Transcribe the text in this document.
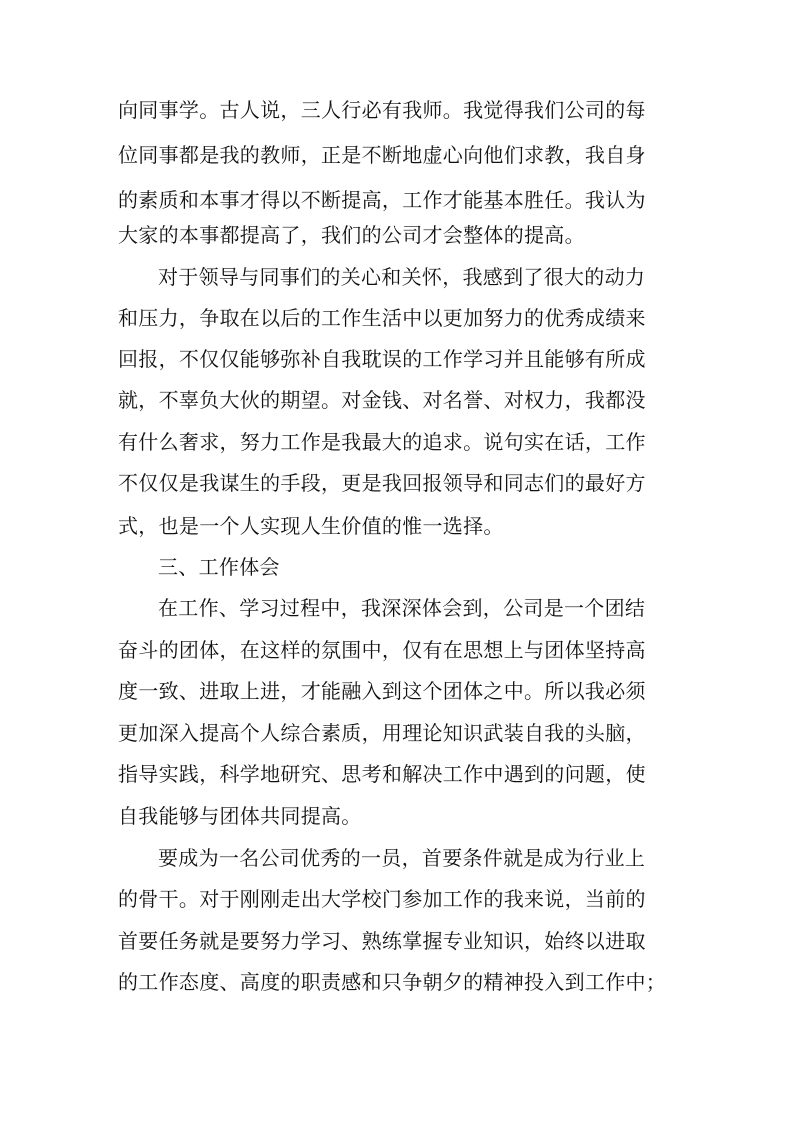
向同事学。古人说，三人行必有我师。我觉得我们公司的每
位同事都是我的教师，正是不断地虚心向他们求教，我自身
的素质和本事才得以不断提高，工作才能基本胜任。我认为
大家的本事都提高了，我们的公司才会整体的提高。
对于领导与同事们的关心和关怀，我感到了很大的动力
和压力，争取在以后的工作生活中以更加努力的优秀成绩来
回报，不仅仅能够弥补自我耽误的工作学习并且能够有所成
就，不辜负大伙的期望。对金钱、对名誉、对权力，我都没
有什么奢求，努力工作是我最大的追求。说句实在话，工作
不仅仅是我谋生的手段，更是我回报领导和同志们的最好方
式，也是一个人实现人生价值的惟一选择。
三、工作体会
在工作、学习过程中，我深深体会到，公司是一个团结
奋斗的团体，在这样的氛围中，仅有在思想上与团体坚持高
度一致、进取上进，才能融入到这个团体之中。所以我必须
更加深入提高个人综合素质，用理论知识武装自我的头脑，
指导实践，科学地研究、思考和解决工作中遇到的问题，使
自我能够与团体共同提高。
要成为一名公司优秀的一员，首要条件就是成为行业上
的骨干。对于刚刚走出大学校门参加工作的我来说，当前的
首要任务就是要努力学习、熟练掌握专业知识，始终以进取
的工作态度、高度的职责感和只争朝夕的精神投入到工作中；
